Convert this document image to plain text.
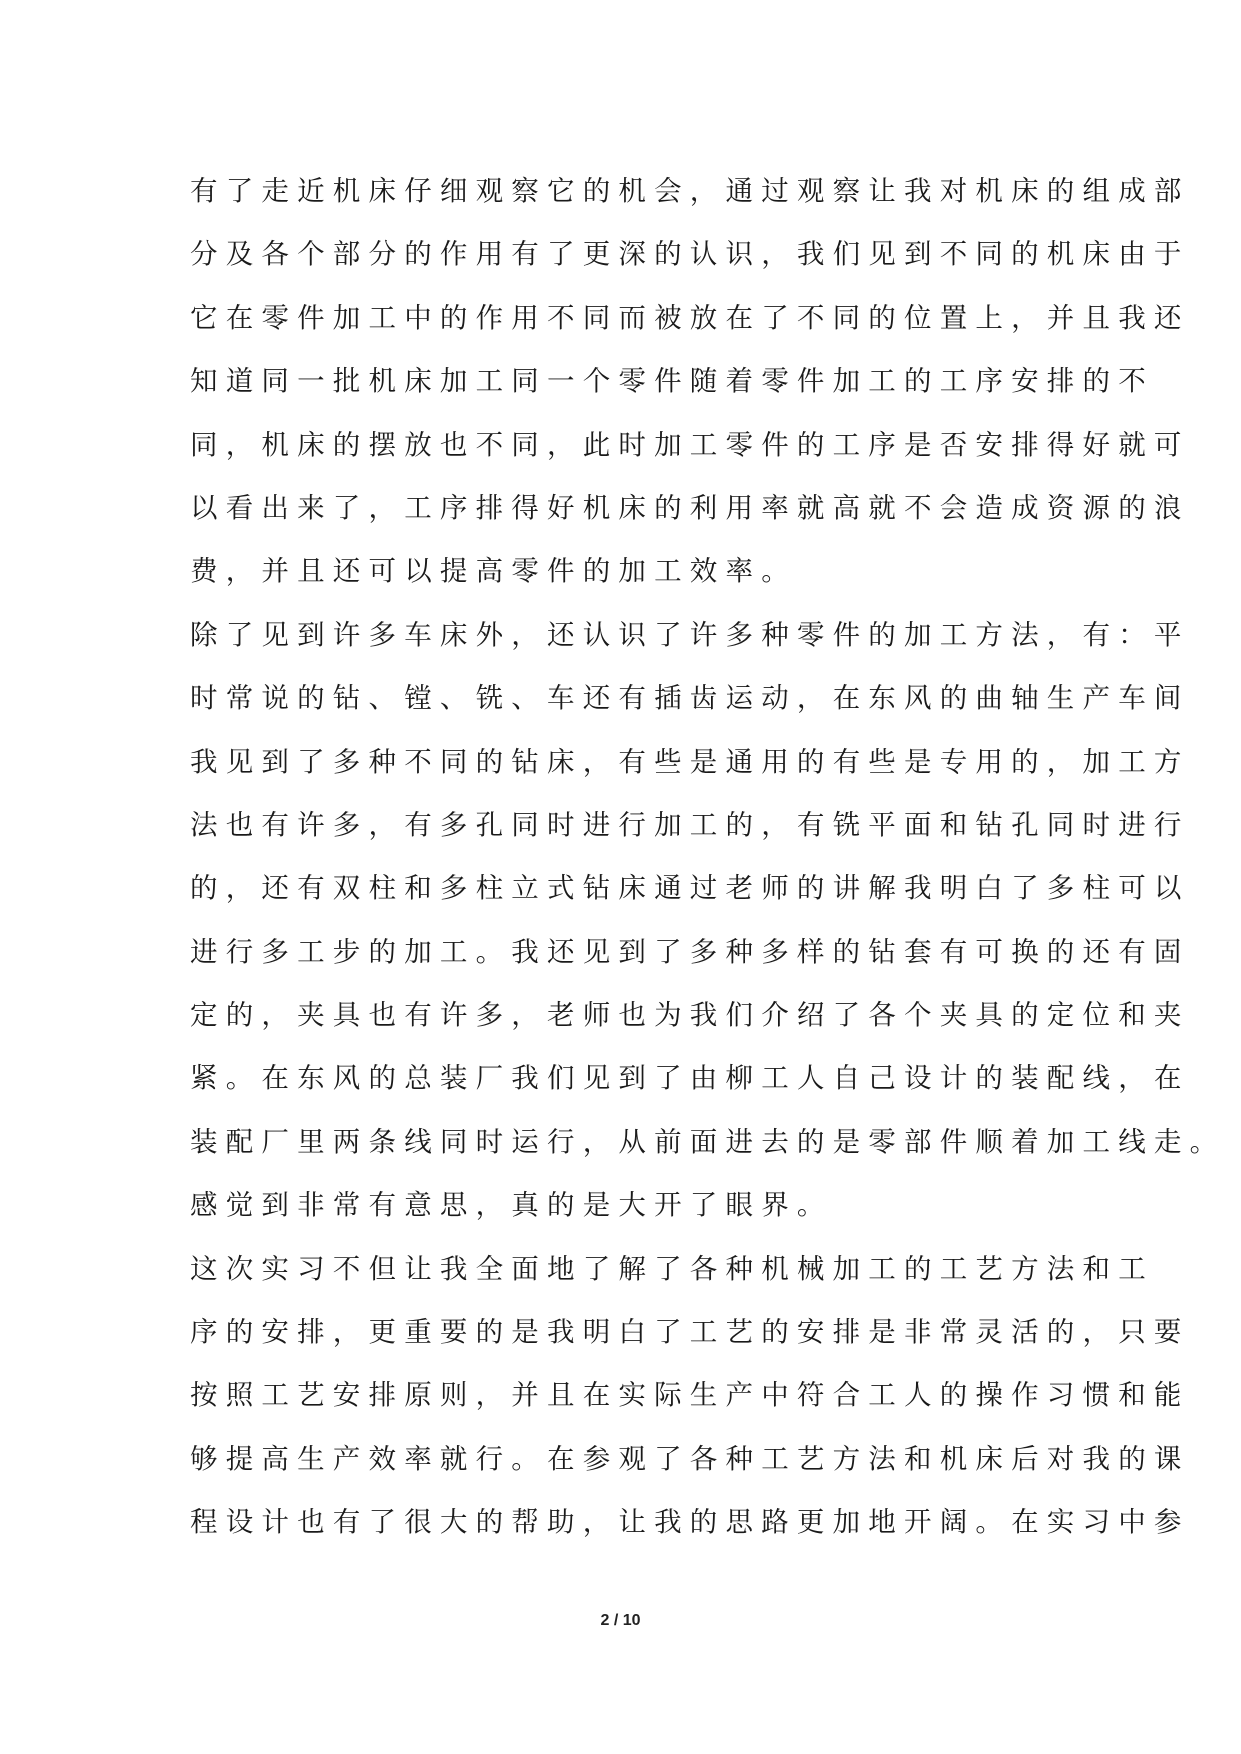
有了走近机床仔细观察它的机会，通过观察让我对机床的组成部
分及各个部分的作用有了更深的认识，我们见到不同的机床由于
它在零件加工中的作用不同而被放在了不同的位置上，并且我还
知道同一批机床加工同一个零件随着零件加工的工序安排的不
同，机床的摆放也不同，此时加工零件的工序是否安排得好就可
以看出来了，工序排得好机床的利用率就高就不会造成资源的浪
费，并且还可以提高零件的加工效率。
除了见到许多车床外，还认识了许多种零件的加工方法，有：平
时常说的钻、镗、铣、车还有插齿运动，在东风的曲轴生产车间
我见到了多种不同的钻床，有些是通用的有些是专用的，加工方
法也有许多，有多孔同时进行加工的，有铣平面和钻孔同时进行
的，还有双柱和多柱立式钻床通过老师的讲解我明白了多柱可以
进行多工步的加工。我还见到了多种多样的钻套有可换的还有固
定的，夹具也有许多，老师也为我们介绍了各个夹具的定位和夹
紧。在东风的总装厂我们见到了由柳工人自己设计的装配线，在
装配厂里两条线同时运行，从前面进去的是零部件顺着加工线走。
感觉到非常有意思，真的是大开了眼界。
这次实习不但让我全面地了解了各种机械加工的工艺方法和工
序的安排，更重要的是我明白了工艺的安排是非常灵活的，只要
按照工艺安排原则，并且在实际生产中符合工人的操作习惯和能
够提高生产效率就行。在参观了各种工艺方法和机床后对我的课
程设计也有了很大的帮助，让我的思路更加地开阔。在实习中参
2 / 10
